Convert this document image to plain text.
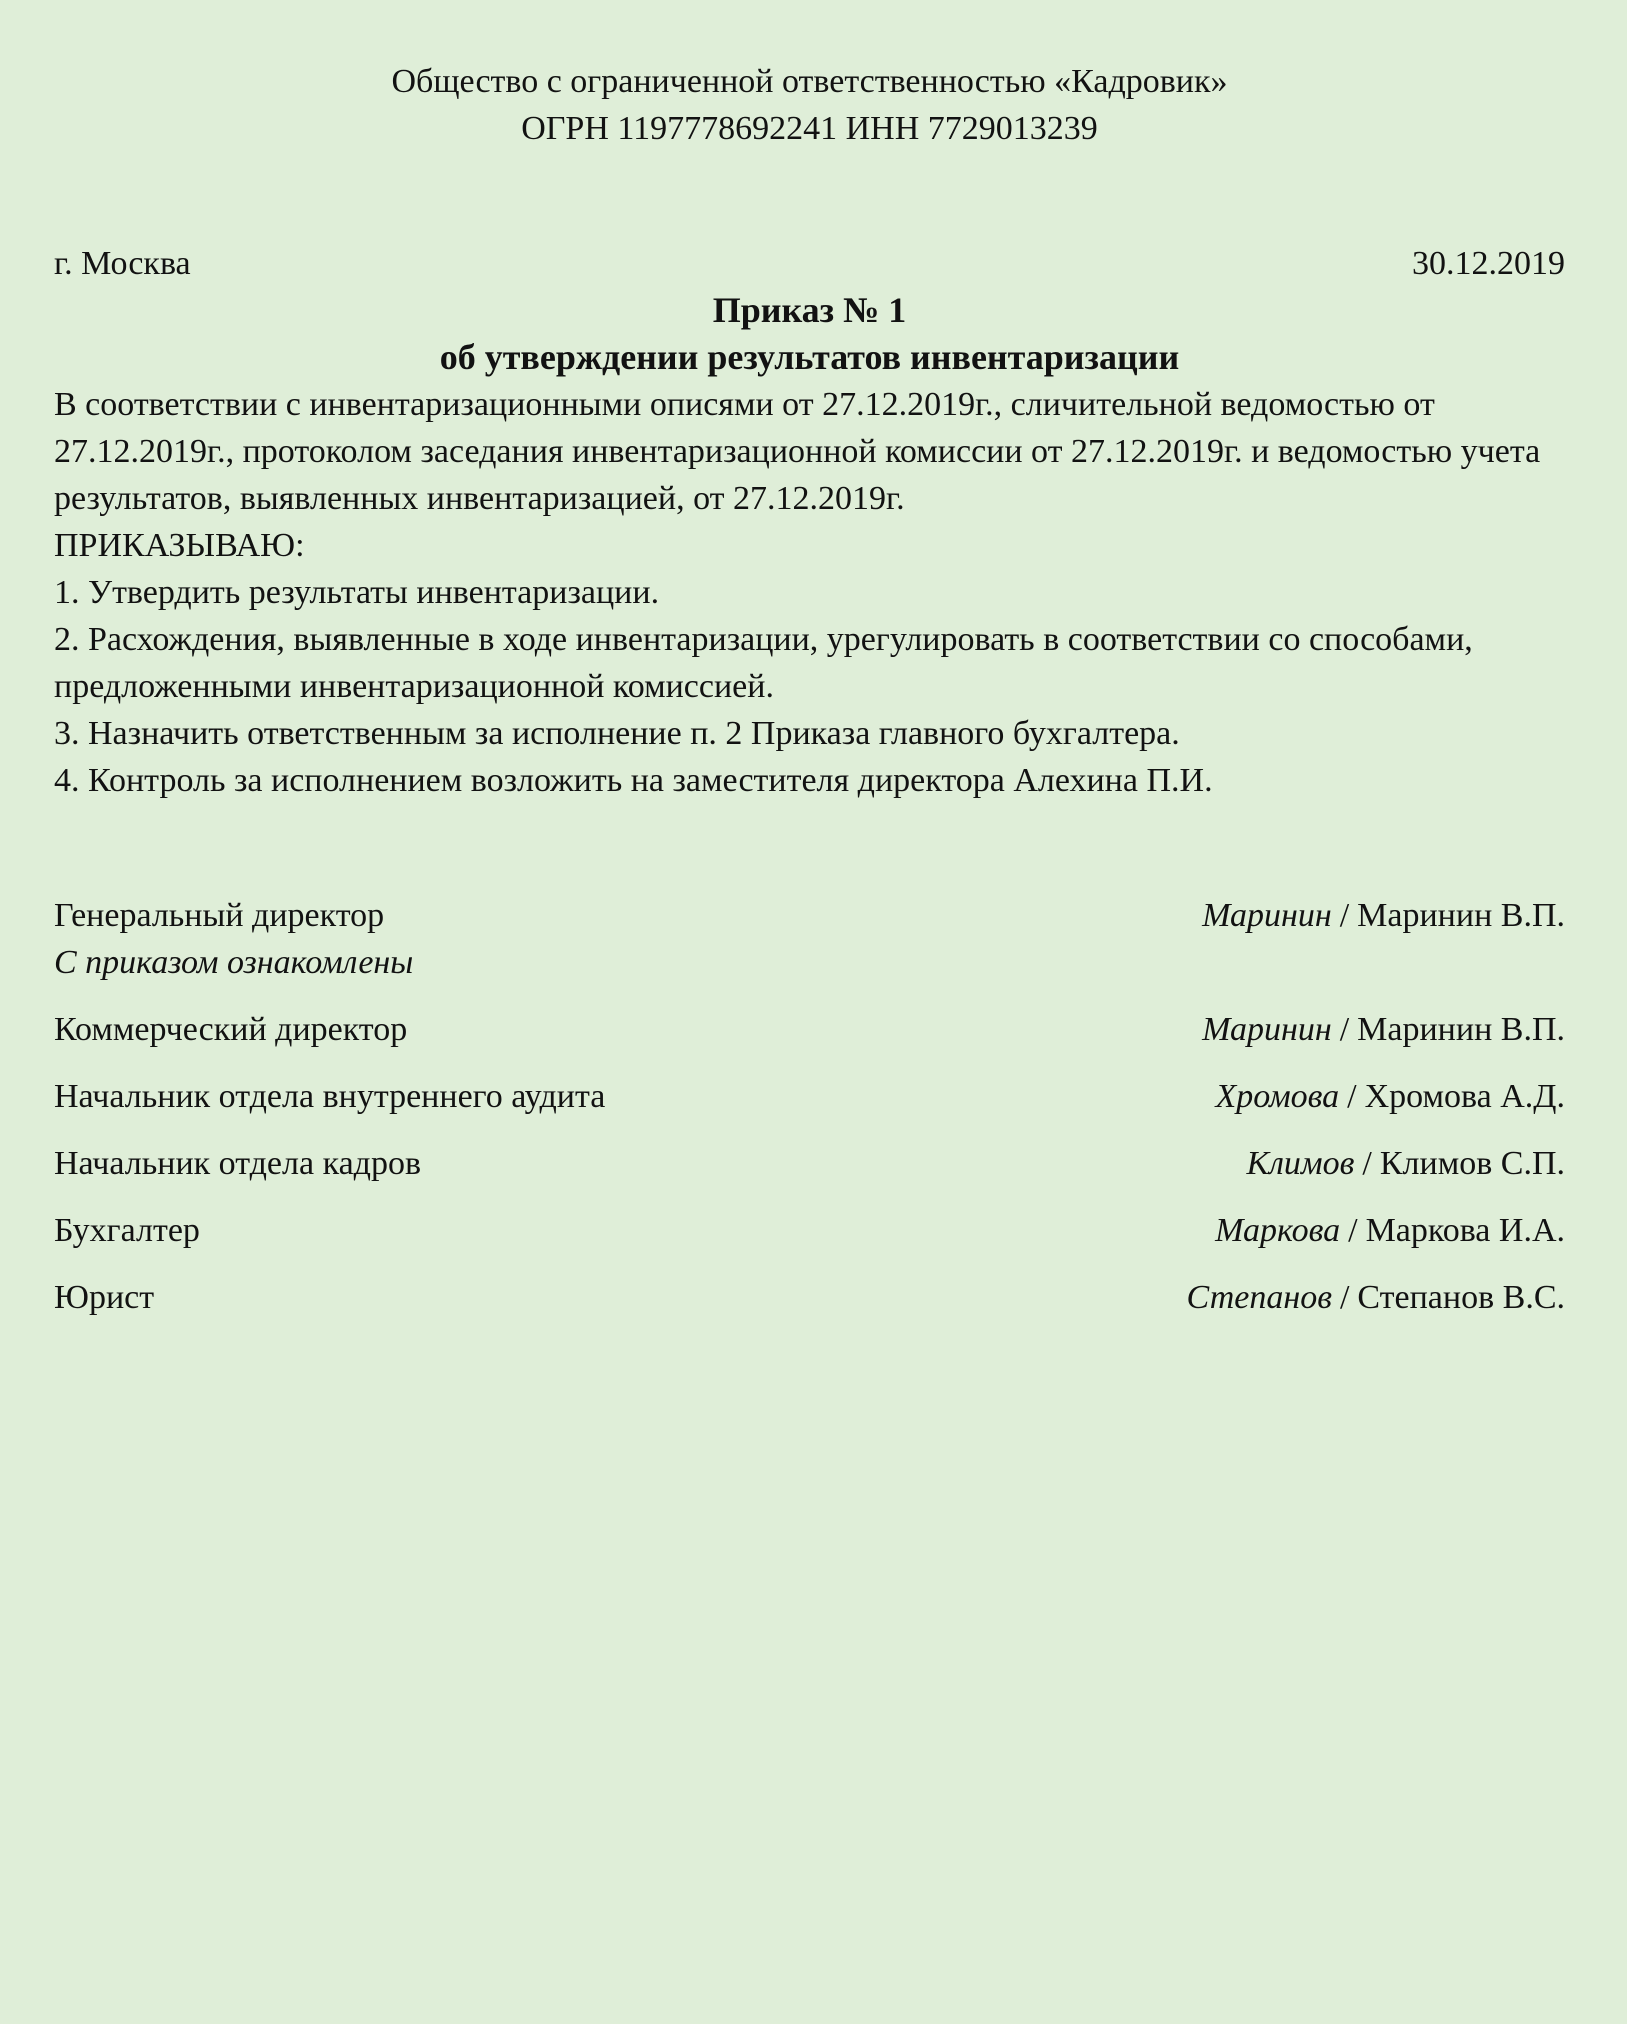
Общество с ограниченной ответственностью «Кадровик»

ОГРН 1197778692241 ИНН 7729013239

г. Москва	30.12.2019

Приказ № 1

об утверждении результатов инвентаризации

В соответствии с инвентаризационными описями от 27.12.2019г., сличительной ведомостью от 27.12.2019г., протоколом заседания инвентаризационной комиссии от 27.12.2019г. и ведомостью учета результатов, выявленных инвентаризацией, от 27.12.2019г.

ПРИКАЗЫВАЮ:

1. Утвердить результаты инвентаризации.

2. Расхождения, выявленные в ходе инвентаризации, урегулировать в соответствии со способами, предложенными инвентаризационной комиссией.

3. Назначить ответственным за исполнение п. 2 Приказа главного бухгалтера.

4. Контроль за исполнением возложить на заместителя директора Алехина П.И.

Генеральный директор	Маринин / Маринин В.П.

С приказом ознакомлены

Коммерческий директор	Маринин / Маринин В.П.
Начальник отдела внутреннего аудита	Хромова / Хромова А.Д.
Начальник отдела кадров	Климов / Климов С.П.
Бухгалтер	Маркова / Маркова И.А.
Юрист	Степанов / Степанов В.С.
